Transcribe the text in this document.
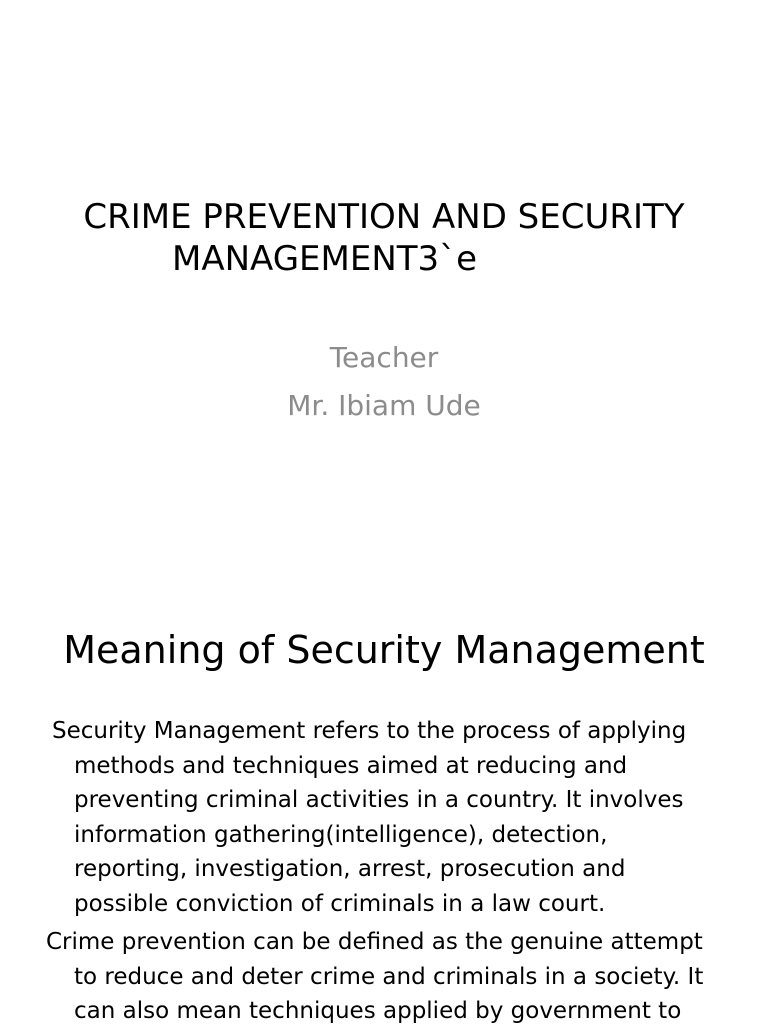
CRIME PREVENTION AND SECURITY
MANAGEMENT3`e
Teacher
Mr. Ibiam Ude
Meaning of Security Management

Security Management refers to the process of applying methods and techniques aimed at reducing and preventing criminal activities in a country. It involves information gathering(intelligence), detection, reporting, investigation, arrest, prosecution and possible conviction of criminals in a law court.

Crime prevention can be defined as the genuine attempt to reduce and deter crime and criminals in a society. It can also mean techniques applied by government to
